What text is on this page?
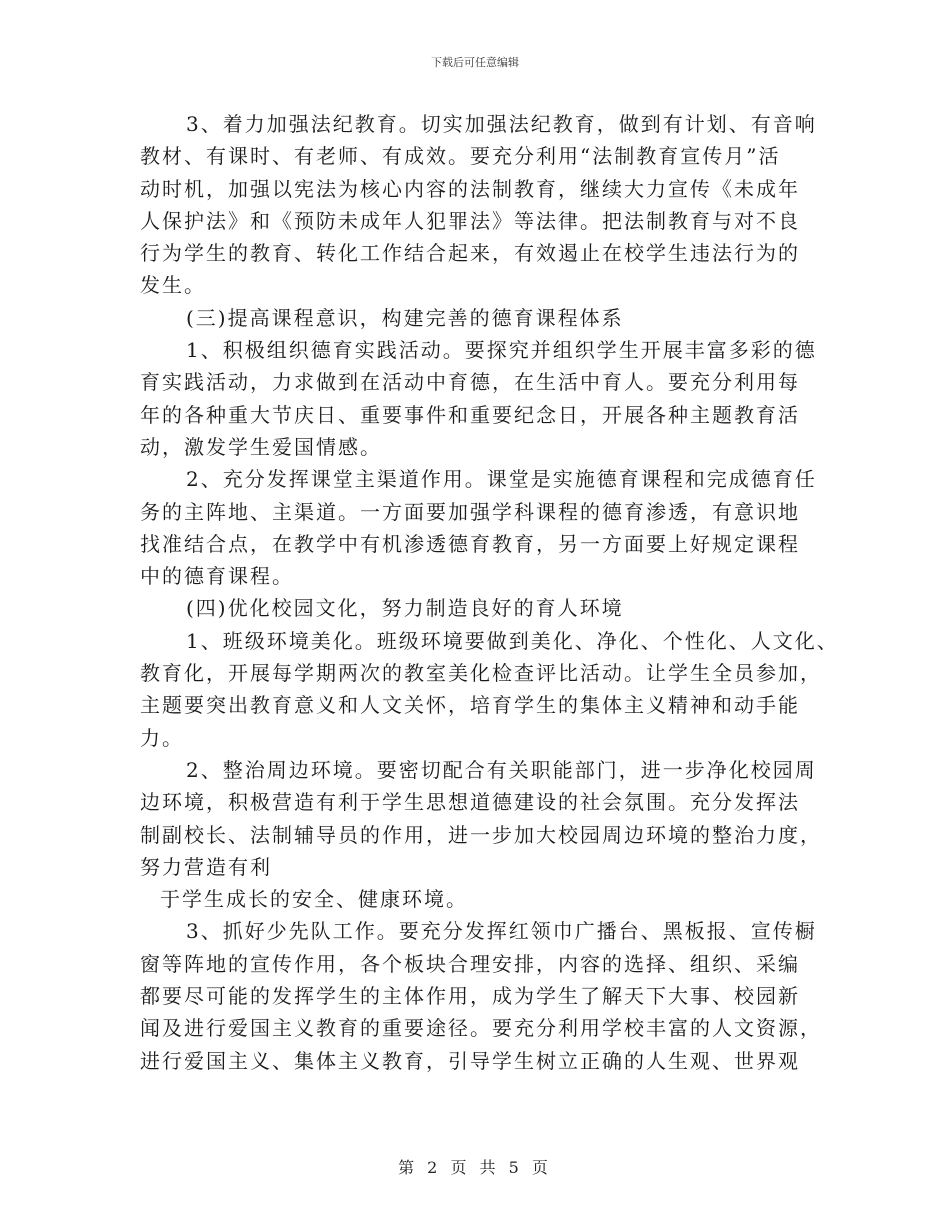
下载后可任意编辑
3、着力加强法纪教育。切实加强法纪教育，做到有计划、有音响
教材、有课时、有老师、有成效。要充分利用“法制教育宣传月”活
动时机，加强以宪法为核心内容的法制教育，继续大力宣传《未成年
人保护法》和《预防未成年人犯罪法》等法律。把法制教育与对不良
行为学生的教育、转化工作结合起来，有效遏止在校学生违法行为的
发生。
(三)提高课程意识，构建完善的德育课程体系
1、积极组织德育实践活动。要探究并组织学生开展丰富多彩的德
育实践活动，力求做到在活动中育德，在生活中育人。要充分利用每
年的各种重大节庆日、重要事件和重要纪念日，开展各种主题教育活
动，激发学生爱国情感。
2、充分发挥课堂主渠道作用。课堂是实施德育课程和完成德育任
务的主阵地、主渠道。一方面要加强学科课程的德育渗透，有意识地
找准结合点，在教学中有机渗透德育教育，另一方面要上好规定课程
中的德育课程。
(四)优化校园文化，努力制造良好的育人环境
1、班级环境美化。班级环境要做到美化、净化、个性化、人文化、
教育化，开展每学期两次的教室美化检查评比活动。让学生全员参加，
主题要突出教育意义和人文关怀，培育学生的集体主义精神和动手能
力。
2、整治周边环境。要密切配合有关职能部门，进一步净化校园周
边环境，积极营造有利于学生思想道德建设的社会氛围。充分发挥法
制副校长、法制辅导员的作用，进一步加大校园周边环境的整治力度，
努力营造有利
于学生成长的安全、健康环境。
3、抓好少先队工作。要充分发挥红领巾广播台、黑板报、宣传橱
窗等阵地的宣传作用，各个板块合理安排，内容的选择、组织、采编
都要尽可能的发挥学生的主体作用，成为学生了解天下大事、校园新
闻及进行爱国主义教育的重要途径。要充分利用学校丰富的人文资源，
进行爱国主义、集体主义教育，引导学生树立正确的人生观、世界观
第 2 页 共 5 页
